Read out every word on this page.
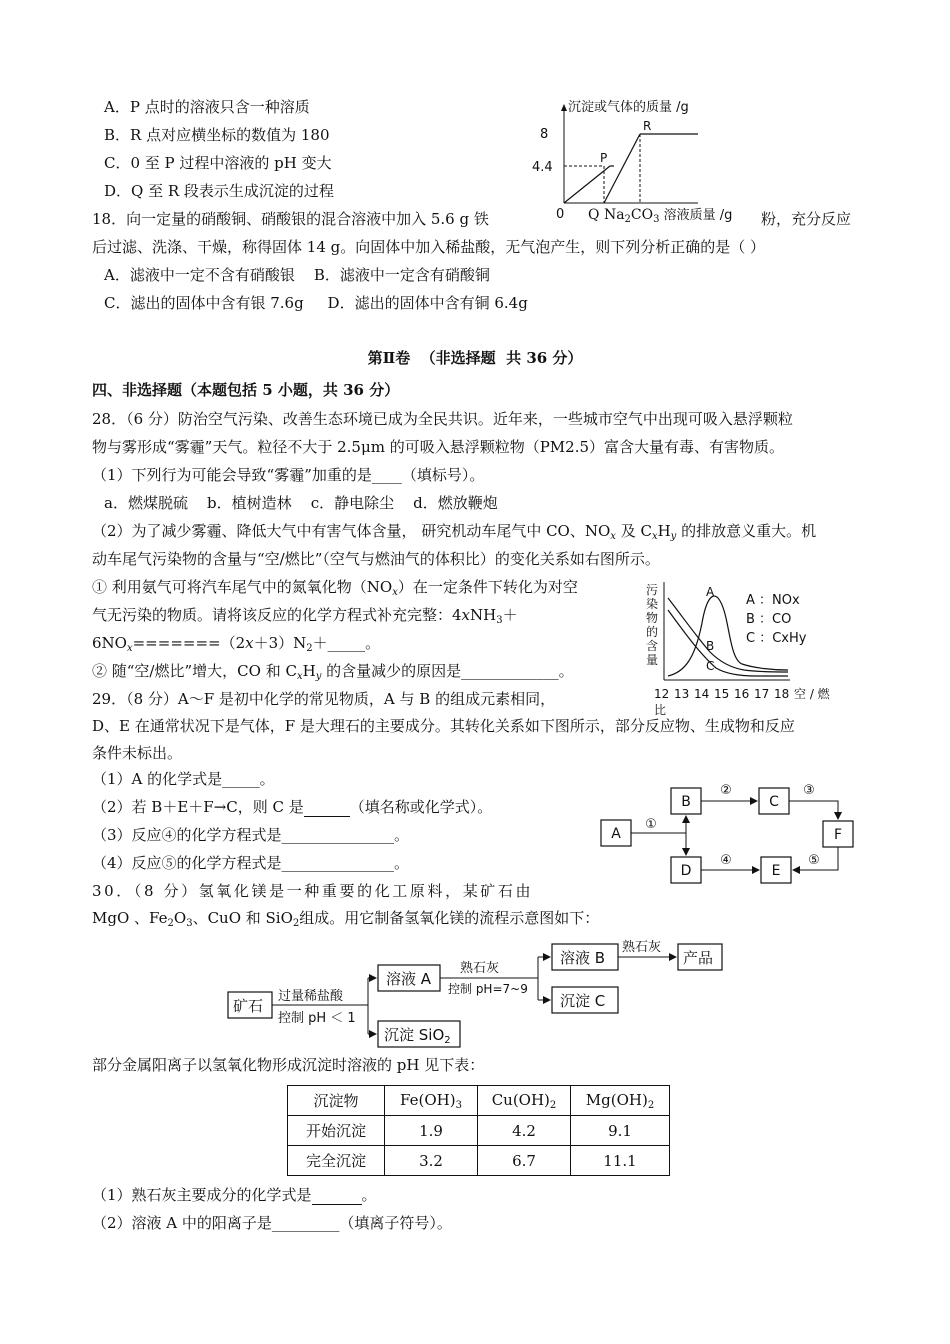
A．P 点时的溶液只含一种溶质
B．R 点对应横坐标的数值为 180
C．0 至 P 过程中溶液的 pH 变大
D．Q 至 R 段表示生成沉淀的过程
沉淀或气体的质量 /g
8
4.4
P
R
0 Q $Na_2CO_3$ 溶液质量 /g
18．向一定量的硝酸铜、硝酸银的混合溶液中加入 5.6 g 铁	粉，充分反应
后过滤、洗涤、干燥，称得固体 14 g。向固体中加入稀盐酸，无气泡产生，则下列分析正确的是（ ）
A．滤液中一定不含有硝酸银    B．滤液中一定含有硝酸铜
C．滤出的固体中含有银 7.6g     D．滤出的固体中含有铜 6.4g
第Ⅱ卷  （非选择题  共 36 分）
四、非选择题（本题包括 5 小题，共 36 分）
28．（6 分）防治空气污染、改善生态环境已成为全民共识。近年来，一些城市空气中出现可吸入悬浮颗粒
物与雾形成“雾霾”天气。粒径不大于 2.5μm 的可吸入悬浮颗粒物（PM2.5）富含大量有毒、有害物质。
（1）下列行为可能会导致“雾霾”加重的是____（填标号）。
a．燃煤脱硫    b．植树造林    c．静电除尘    d．燃放鞭炮
（2）为了减少雾霾、降低大气中有害气体含量， 研究机动车尾气中 CO、$NO_x$ 及 $C_xH_y$ 的排放意义重大。机
动车尾气污染物的含量与“空/燃比”（空气与燃油气的体积比）的变化关系如右图所示。
① 利用氨气可将汽车尾气中的氮氧化物$(NO_x)$在一定条件下转化为对空
气无污染的物质。请将该反应的化学方程式补充完整：4xNH$_3$＋
$6NO_x=======(2x+3)N_2+\_\_\_\_\_$。
② 随“空/燃比”增大，CO 和 $C_xH_y$ 的含量减少的原因是_____________。
污
染
物
的
含
量
A
B
C
A ：NOx
B ：CO
C ：CxHy
12 13 14 15 16 17 18 空 / 燃
比
29．（8 分）A～F 是初中化学的常见物质，A 与 B 的组成元素相同，
D、E 在通常状况下是气体，F 是大理石的主要成分。其转化关系如下图所示，部分反应物、生成物和反应
条件未标出。
（1）A 的化学式是_____。
（2）若 B＋E＋F→C，则 C 是	（填名称或化学式）。
（3）反应④的化学方程式是_______________。
（4）反应⑤的化学方程式是_______________。
A
B	C
D	E
F
①
②	③
④	⑤
30．（8 分）氢氧化镁是一种重要的化工原料，某矿石由
MgO 、$Fe_2O_3$、CuO 和 SiO$_2$组成。用它制备氢氧化镁的流程示意图如下：
矿石
溶液 A
沉淀 SiO$_2$
溶液 B
沉淀 C
产品
过量稀盐酸
控制 pH ＜ 1
熟石灰
控制 pH=7~9
熟石灰
部分金属阳离子以氢氧化物形成沉淀时溶液的 pH 见下表：
沉淀物	$Fe(OH)_3$	$Cu(OH)_2$	$Mg(OH)_2$
开始沉淀	1.9	4.2	9.1
完全沉淀	3.2	6.7	11.1
（1）熟石灰主要成分的化学式是	。
（2）溶液 A 中的阳离子是_________（填离子符号）。
